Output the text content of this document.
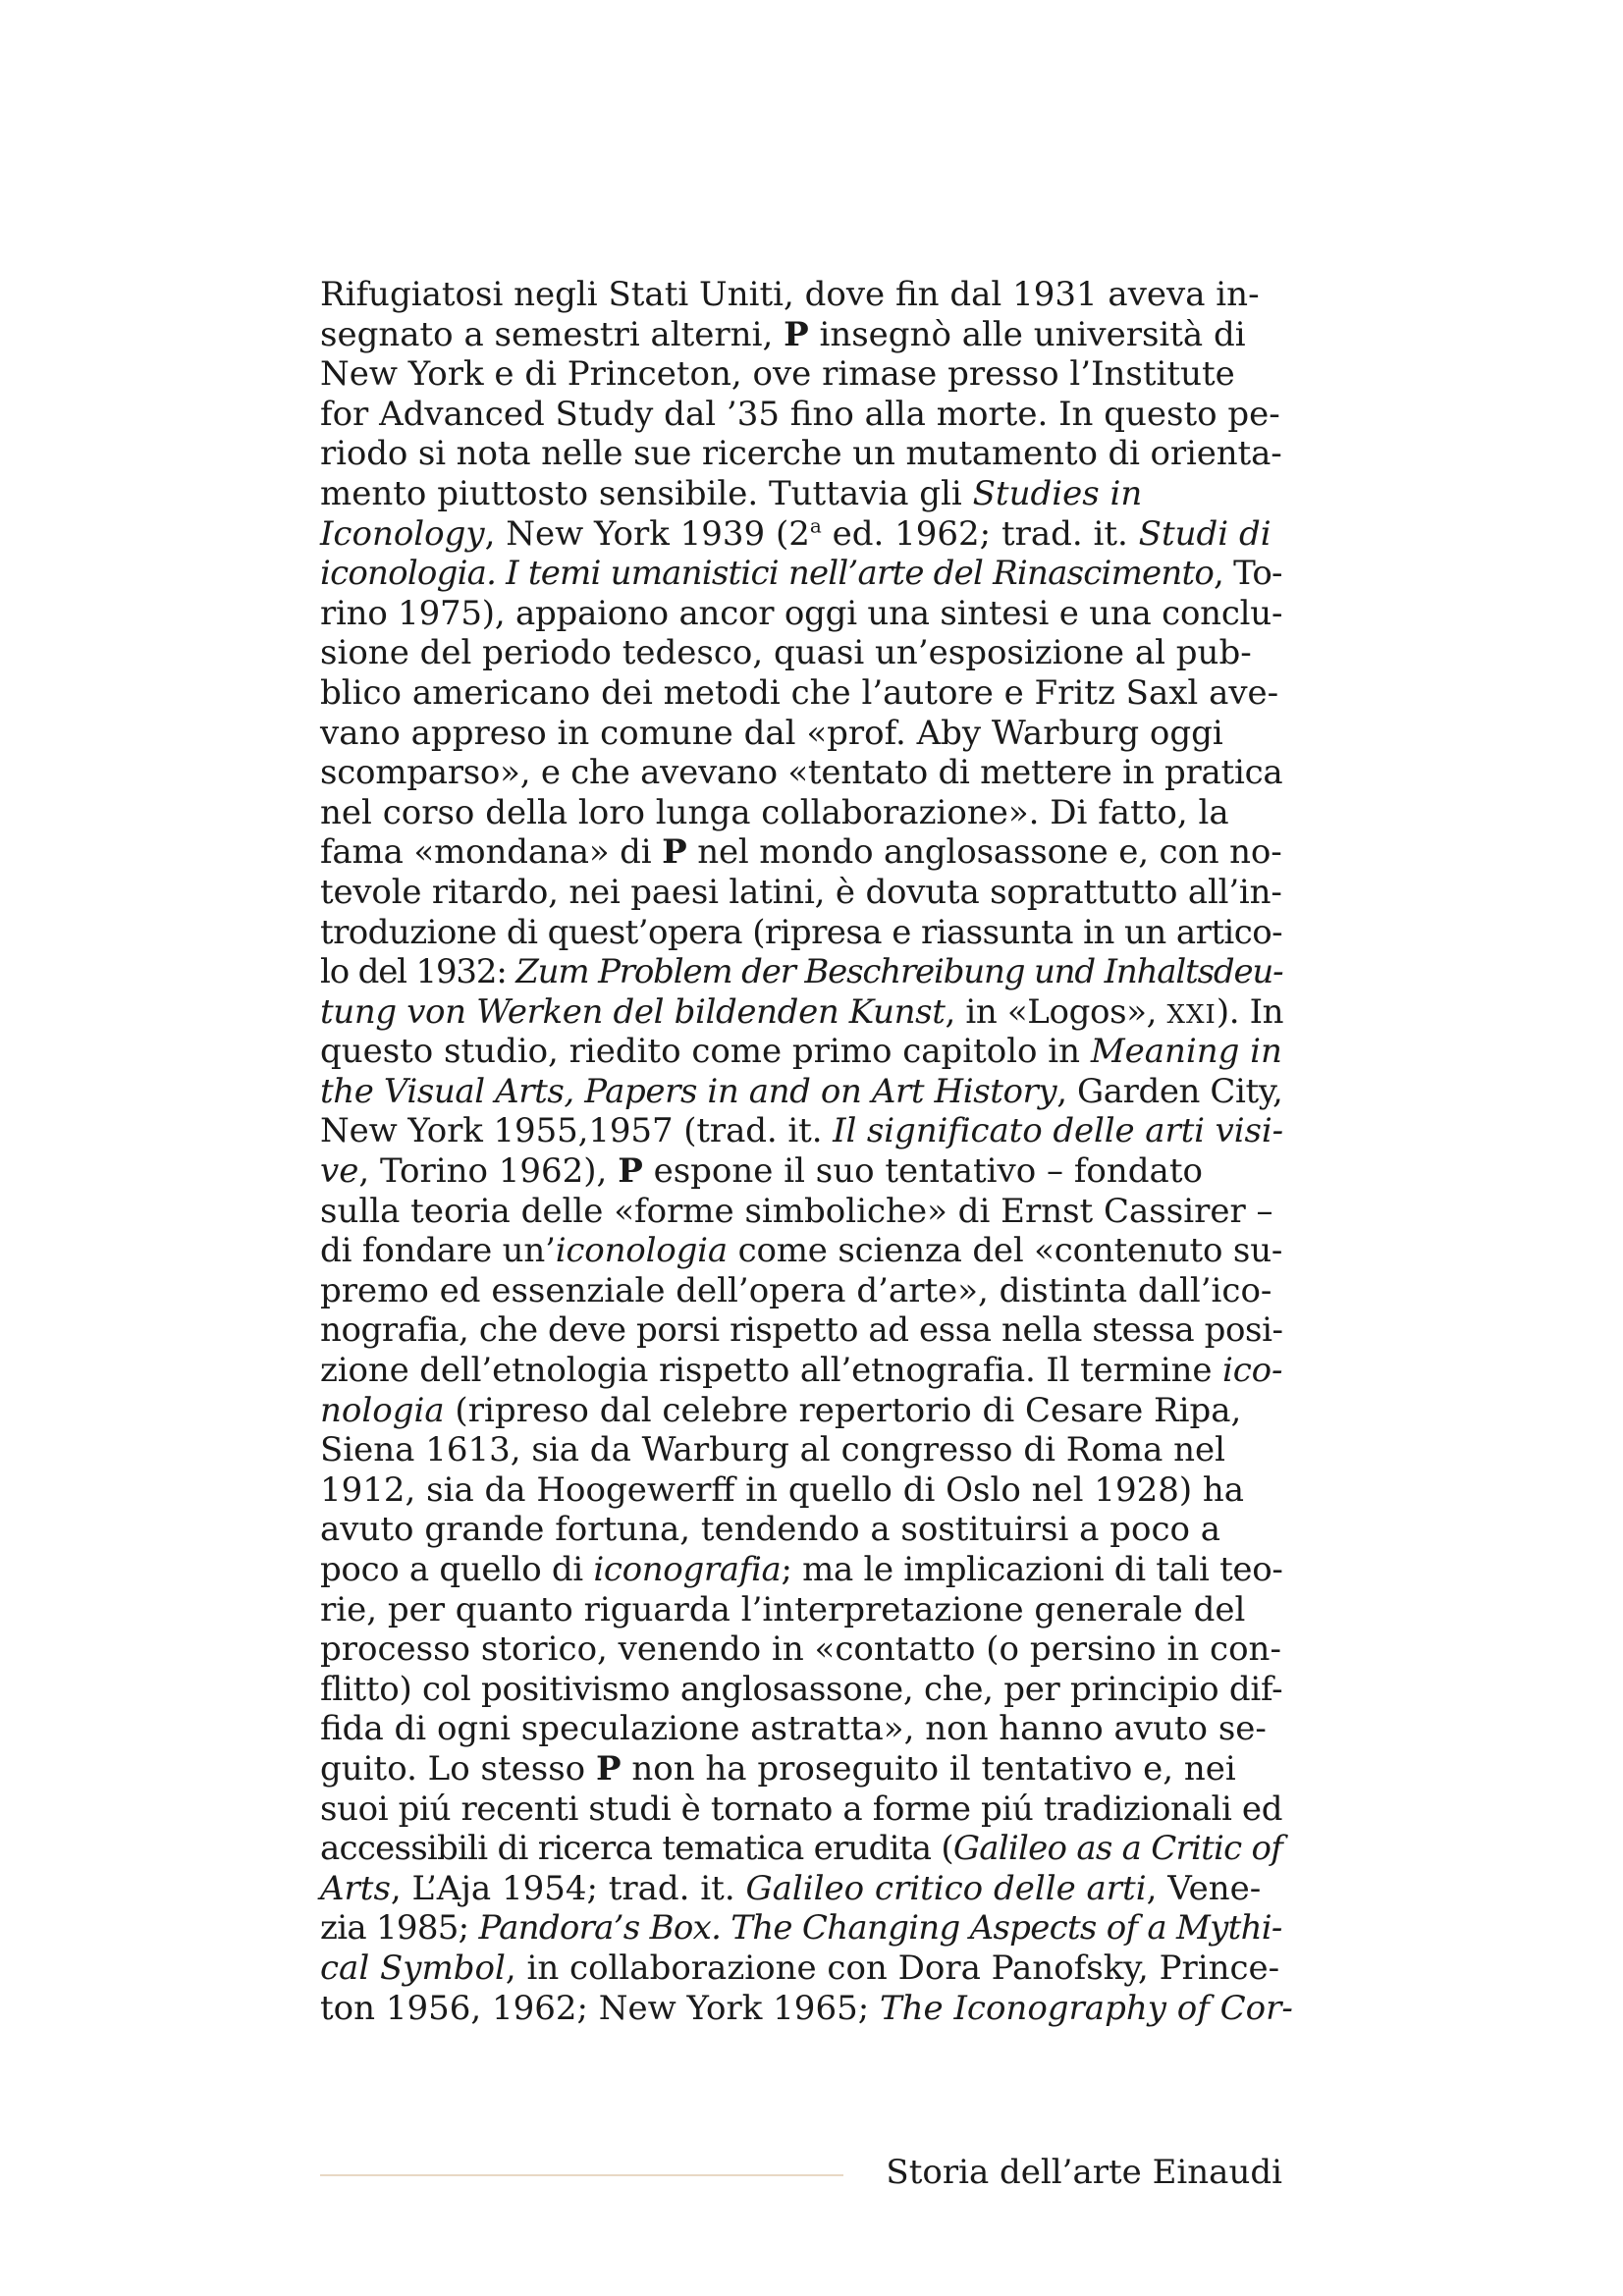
Rifugiatosi negli Stati Uniti, dove fin dal 1931 aveva in-
segnato a semestri alterni, P insegnò alle università di
New York e di Princeton, ove rimase presso l’Institute
for Advanced Study dal ’35 fino alla morte. In questo pe-
riodo si nota nelle sue ricerche un mutamento di orienta-
mento piuttosto sensibile. Tuttavia gli Studies in
Iconology, New York 1939 (2$^a$ ed. 1962; trad. it. Studi di
iconologia. I temi umanistici nell’arte del Rinascimento, To-
rino 1975), appaiono ancor oggi una sintesi e una conclu-
sione del periodo tedesco, quasi un’esposizione al pub-
blico americano dei metodi che l’autore e Fritz Saxl ave-
vano appreso in comune dal «prof. Aby Warburg oggi
scomparso», e che avevano «tentato di mettere in pratica
nel corso della loro lunga collaborazione». Di fatto, la
fama «mondana» di P nel mondo anglosassone e, con no-
tevole ritardo, nei paesi latini, è dovuta soprattutto all’in-
troduzione di quest’opera (ripresa e riassunta in un artico-
lo del 1932: Zum Problem der Beschreibung und Inhaltsdeu-
tung von Werken del bildenden Kunst, in «Logos», XXI). In
questo studio, riedito come primo capitolo in Meaning in
the Visual Arts, Papers in and on Art History, Garden City,
New York 1955,1957 (trad. it. Il significato delle arti visi-
ve, Torino 1962), P espone il suo tentativo – fondato
sulla teoria delle «forme simboliche» di Ernst Cassirer –
di fondare un’iconologia come scienza del «contenuto su-
premo ed essenziale dell’opera d’arte», distinta dall’ico-
nografia, che deve porsi rispetto ad essa nella stessa posi-
zione dell’etnologia rispetto all’etnografia. Il termine ico-
nologia (ripreso dal celebre repertorio di Cesare Ripa,
Siena 1613, sia da Warburg al congresso di Roma nel
1912, sia da Hoogewerff in quello di Oslo nel 1928) ha
avuto grande fortuna, tendendo a sostituirsi a poco a
poco a quello di iconografia; ma le implicazioni di tali teo-
rie, per quanto riguarda l’interpretazione generale del
processo storico, venendo in «contatto (o persino in con-
flitto) col positivismo anglosassone, che, per principio dif-
fida di ogni speculazione astratta», non hanno avuto se-
guito. Lo stesso P non ha proseguito il tentativo e, nei
suoi piú recenti studi è tornato a forme piú tradizionali ed
accessibili di ricerca tematica erudita (Galileo as a Critic of
Arts, L’Aja 1954; trad. it. Galileo critico delle arti, Vene-
zia 1985; Pandora’s Box. The Changing Aspects of a Mythi-
cal Symbol, in collaborazione con Dora Panofsky, Prince-
ton 1956, 1962; New York 1965; The Iconography of Cor-
Storia dell’arte Einaudi
